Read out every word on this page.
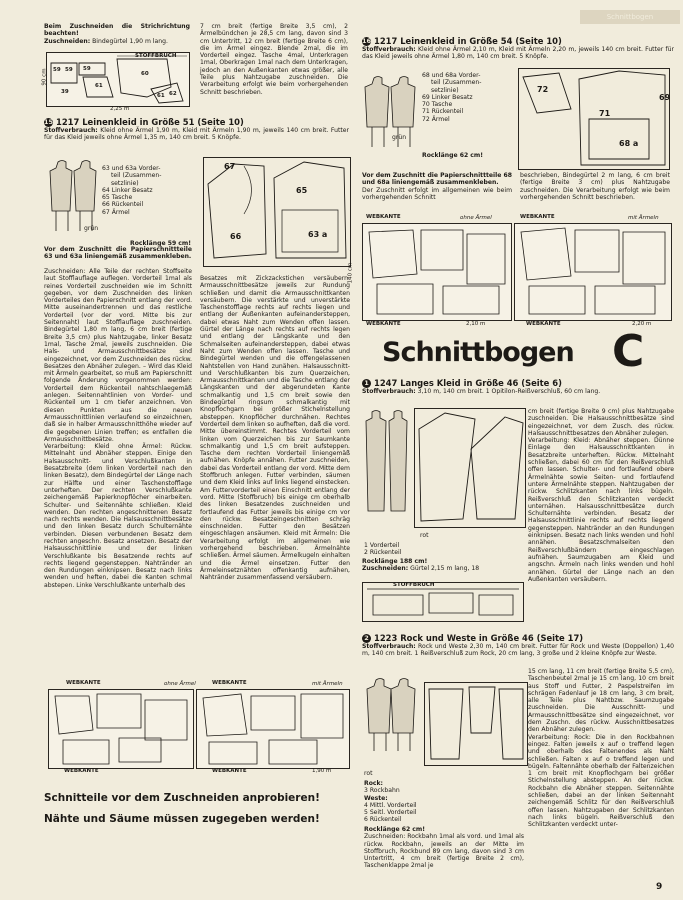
Beim Zuschneiden die Strichrichtung beachten!
Zuschneiden: Bindegürtel 1,90 m lang.
STOFFBRUCH
59 59 59
61
60
62
61
39
90 cm
2,25 m
7 cm breit (fertige Breite 3,5 cm), 2 Ärmelbündchen je 28,5 cm lang, davon sind 3 cm Untertritt, 12 cm breit (fertige Breite 6 cm), die im Ärmel eingez. Blende 2mal, die im Vorderteil eingez. Tasche 4mal, Unterkragen 1mal, Oberkragen 1mal nach dem Unterkragen, jedoch an den Außenkanten etwas größer, alle Teile plus Nahtzugabe zuschneiden. Die Verarbeitung erfolgt wie beim vorhergehenden Schnitt beschrieben.
15 1217 Leinenkleid in Größe 51 (Seite 10)
Stoffverbrauch: Kleid ohne Ärmel 1,90 m, Kleid mit Ärmeln 1,90 m, jeweils 140 cm breit. Futter für das Kleid jeweils ohne Ärmel 1,35 m, 140 cm breit. 5 Knöpfe.
63 und 63a Vorder-
teil (Zusammen-
setzlinie)
64 Linker Besatz
65 Tasche
66 Rückenteil
67 Ärmel
grün
Rocklänge 59 cm!
67
65
66	63 a
Vor dem Zuschnitt die Papierschnittteile 63 und 63a liniengemäß zusammenkleben.
Zuschneiden: Alle Teile der rechten Stoffseite laut Stofflauflage auflegen. Vorderteil 1mal als reines Vorderteil zuschneiden wie im Schnitt gegeben, vor dem Zuschneiden des linken Vorderteiles den Papierschnitt entlang der vord. Mitte auseinandertrennen und das restliche Vorderteil (vor der vord. Mitte bis zur Seitennaht) laut Stofflauflage zuschneiden. Bindegürtel 1,80 m lang, 6 cm breit (fertige Breite 3,5 cm) plus Nahtzugabe, linker Besatz 1mal, Tasche 2mal, jeweils zuschneiden. Die Hals- und Armausschnittbesätze sind eingezeichnet, vor dem Zuschneiden des rückw. Besatzes den Abnäher zulegen. – Wird das Kleid mit Ärmeln gearbeitet, so muß am Papierschnitt folgende Änderung vorgenommen werden: Vorderteil dem Rückenteil nahtschlaegemäß anlegen. Seitennahtlinien von Vorder- und Rückenteil um 1 cm tiefer anzeichnen. Von diesen Punkten aus die neuen Armausschnittlinien verlaufend so einzeichnen, daß sie in halber Armausschnitthöhe wieder auf die gegebenen Linien treffen; es entfallen die Armausschnittbesätze.
Verarbeitung: Kleid ohne Ärmel: Rückw. Mittelnaht und Abnäher steppen. Einige den Halsausschnitt- und Verschlußkanten in Besatzbreite (dem linken Vorderteil nach den linken Besatz), dem Bindegürtel der Länge nach zur Hälfte und einer Taschenstofflage unterheften. Der rechten Verschlußkante zeichengemäß Papierknopflöcher einarbeiten. Schulter- und Seitennähte schließen. Kleid wenden. Den rechten angeschnittenen Besatz nach rechts wenden. Die Halsausschnittbesätze und den linken Besatz durch Schulternähte verbinden. Diesen verbundenen Besatz dem rechten angeschn. Besatz ansetzen. Besatz der Halsausschnittlinie und der linken Verschlußkante bis Besatzende rechts auf rechts liegend gegensteppen. Nahtränder an den Rundungen einknipsen. Besatz nach links wenden und heften, dabei die Kanten schmal abstepen. Linke Verschlußkante unterhalb des
Besatzes mit Zickzackstichen versäubern. Armausschnittbesätze jeweils zur Rundung schließen und damit die Armausschnittkanten versäubern. Die verstärkte und unverstärkte Taschenstofflage rechts auf rechts liegen und entlang der Außenkanten aufeinandersteppen, dabei etwas Naht zum Wenden offen lassen. Gürtel der Länge nach rechts auf rechts legen und entlang der Längskante und den Schmalseiten aufeinandersteppen, dabei etwas Naht zum Wenden offen lassen. Tasche und Bindegürtel wenden und die offengelassenen Nahtstellen von Hand zunähen. Halsausschnitt- und Verschlußkanten bis zum Querzeichen, Armausschnittkanten und die Tasche entlang der Längskanten und der abgerundeten Kante schmalkantig und 1,5 cm breit sowie den Bindegürtel ringsum schmalkantig mit Knopflochgarn bei größer Stichelnstellung absteppen. Knopflöcher durchnähen. Rechtes Vorderteil dem linken so aufheften, daß die vord. Mitte übereinstimmt. Rechtes Vorderteil vom linken vom Querzeichen bis zur Saumkante schmalkantig und 1,5 cm breit aufsteppen. Tasche dem rechten Vorderteil liniengemäß aufnähen. Knöpfe annähen. Futter zuschneiden, dabei das Vorderteil entlang der vord. Mitte dem Stoffbruch anlegen. Futter verbinden, säumen und dem Kleid links auf links liegend einstecken. Am Futtervorderteil einen Einschnitt entlang der vord. Mitte (Stoffbruch) bis einige cm oberhalb des linken Besatzendes zuschneiden und fortlaufend das Futter jeweils bis einige cm vor den rückw. Besatzeingeschnitten schräg einschneiden. Futter den Besätzen eingeschlagen ansäumen. Kleid mit Ärmeln: Die Verarbeitung erfolgt im allgemeinen wie vorhergehend beschrieben. Ärmelnähte schließen. Ärmel säumen. Ärmelkugeln einhalten und die Ärmel einsetzen. Futter den Ärmeleinsetznähten offenkantig aufnähen, Nahtränder zusammenfassend versäubern.
WEBKANTE	ohne Ärmel	WEBKANTE	mit Ärmeln
WEBKANTE	WEBKANTE	1,90 m
Schnitteile vor dem Zuschneiden anprobieren!
Nähte und Säume müssen zugegeben werden!
16 1217 Leinenkleid in Größe 54 (Seite 10)
Stoffverbrauch: Kleid ohne Ärmel 2,10 m, Kleid mit Ärmeln 2,20 m, jeweils 140 cm breit. Futter für das Kleid jeweils ohne Ärmel 1,80 m, 140 cm breit. 5 Knöpfe.
68 und 68a Vorder-
teil (Zusammen-
setzlinie)
69 Linker Besatz
70 Tasche
71 Rückenteil
72 Ärmel
grün
Rocklänge 62 cm!
69
72
71
68 a
Vor dem Zuschnitt die Papierschnittteile 68 und 68a liniengemäß zusammenkleben.
Der Zuschnitt erfolgt im allgemeinen wie beim vorhergehenden Schnitt
beschrieben, Bindegürtel 2 m lang, 6 cm breit (fertige Breite 3 cm) plus Nahtzugabe zuschneiden. Die Verarbeitung erfolgt wie beim vorhergehenden Schnitt beschrieben.
WEBKANTE	ohne Ärmel	WEBKANTE	mit Ärmeln
WEBKANTE	2,10 m	WEBKANTE	2,20 m
140 cm
Schnittbogen C
1 1247 Langes Kleid in Größe 46 (Seite 6)
Stoffverbrauch: 3,10 m, 140 cm breit. 1 Opitilon-Reißverschluß, 60 cm lang.
1 Vorderteil
2 Rückenteil
rot
Rocklänge 188 cm!
Zuschneiden: Gürtel 2,15 m lang, 18
STOFFBRUCH
cm breit (fertige Breite 9 cm) plus Nahtzugabe zuschneiden. Die Halsausschnittbesätze sind eingezeichnet, vor dem Zusch. des rückw. Halsausschnittbesatzes den Abnäher zulegen.
Verarbeitung: Kleid: Abnäher steppen. Dünne Einlage den Halsausschnittkanten in Besatzbreite unterheften. Rückw. Mittelnaht schließen, dabei 60 cm für den Reißverschluß offen lassen. Schulter- und fortlaufend obere Ärmelnähte sowie Seiten- und fortlaufend untere Ärmelnähte steppen. Nahtzugaben der rückw. Schlitzkanten nach links bügeln. Reißverschluß den Schlitzkanten verdeckt unternähen. Halsausschnittbesätze durch Schulternähte verbinden. Besatz der Halsausschnittlinie rechts auf rechts liegend gegensteppen. Nahtränder an den Rundungen einknipsen. Besatz nach links wenden und hohl annähen. Besatzschmalseiten den Reißverschlußbändern eingeschlagen aufnähen. Saumzugaben am Kleid und angschn. Ärmeln nach links wenden und hohl annähen. Gürtel der Länge nach an den Außenkanten versäubern.
2 1223 Rock und Weste in Größe 46 (Seite 17)
Stoffverbrauch: Rock und Weste 2,30 m, 140 cm breit. Futter für Rock und Weste (Doppellon) 1,40 m, 140 cm breit. 1 Reißverschluß zum Rock, 20 cm lang, 3 große und 2 kleine Knöpfe zur Weste.
rot
Rock:
3 Rockbahn
Weste:
4 Mittl. Vorderteil
5 Seitl. Vorderteil
6 Rückenteil
Rocklänge 62 cm!
Zuschneiden: Rockbahn 1mal als vord. und 1mal als rückw. Rockbahn, jeweils an der Mitte im Stoffbruch, Rockbund 89 cm lang, davon sind 3 cm Untertritt, 4 cm breit (fertige Breite 2 cm), Taschenklappe 2mal je
15 cm lang, 11 cm breit (fertige Breite 5,5 cm), Taschenbeutel 2mal je 15 cm lang, 10 cm breit aus Stoff und Futter, 2 Paspelstreifen im schrägen Fadenlauf je 18 cm lang, 3 cm breit, alle Teile plus Nahtbzw. Saumzugabe zuschneiden. Die Ausschnitt- und Armausschnittbesätze sind eingezeichnet, vor dem Zuschn. des rückw. Ausschnittbesatzes den Abnäher zulegen.
Verarbeitung: Rock: Die in den Rockbahnen eingez. Falten jeweils x auf o treffend legen und oberhalb des Faltenendes als Naht schließen. Falten x auf o treffend legen und bügeln. Faltennähte oberhalb der Faltenzeichen 1 cm breit mit Knopflochgarn bei größer Stichelnstellung absteppen. An der rückw. Rockbahn die Abnäher steppen. Seitennähte schließen, dabei an der linken Seitennaht zeichengemäß Schlitz für den Reißverschluß offen lassen. Nahtzugaben der Schlitzkanten nach links bügeln. Reißverschluß den Schlitzkanten verdeckt unter-
9
Schnittbogen
